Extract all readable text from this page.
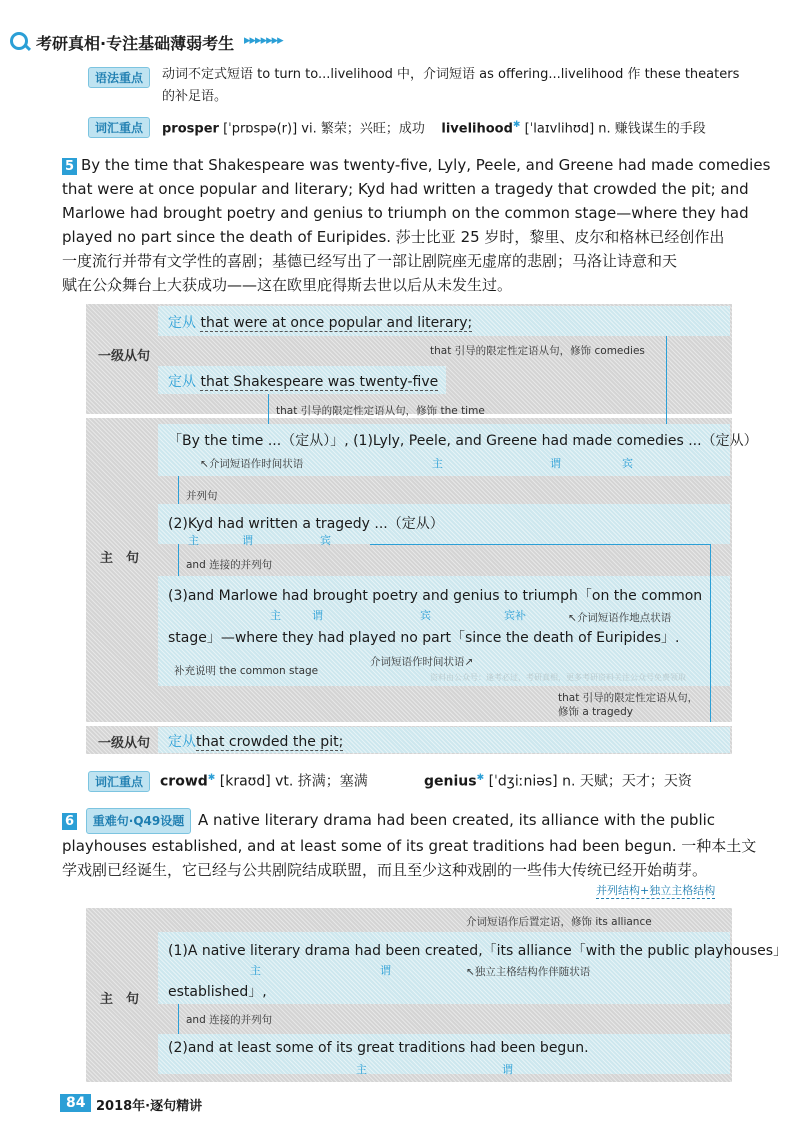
考研真相·专注基础薄弱考生 ▸▸▸▸▸▸▸
语法重点	动词不定式短语 to turn to...livelihood 中，介词短语 as offering...livelihood 作 these theaters
的补足语。
词汇重点	prosper [ˈprɒspə(r)] vi. 繁荣；兴旺；成功 livelihood✱ [ˈlaɪvlihʊd] n. 赚钱谋生的手段
5 By the time that Shakespeare was twenty-five, Lyly, Peele, and Greene had made comedies
that were at once popular and literary; Kyd had written a tragedy that crowded the pit; and
Marlowe had brought poetry and genius to triumph on the common stage—where they had
played no part since the death of Euripides. 莎士比亚 25 岁时，黎里、皮尔和格林已经创作出
一度流行并带有文学性的喜剧；基德已经写出了一部让剧院座无虚席的悲剧；马洛让诗意和天
赋在公众舞台上大获成功——这在欧里庇得斯去世以后从未发生过。
一级从句
定从 that were at once popular and literary;
that 引导的限定性定语从句，修饰 comedies
定从 that Shakespeare was twenty-five
that 引导的限定性定语从句，修饰 the time
主　句
「By the time ...（定从）」, (1)Lyly, Peele, and Greene had made comedies ...（定从）
↖介词短语作时间状语	主	谓	宾
并列句
(2)Kyd had written a tragedy ...（定从）
主	谓	宾
and 连接的并列句
(3)and Marlowe had brought poetry and genius to triumph「on the common
主	谓	宾	宾补	↖介词短语作地点状语
stage」—where they had played no part「since the death of Euripides」.
补充说明 the common stage
介词短语作时间状语↗
资料由公众号：逢考必过，考研真相，更多考研资料关注公众号免费领取
that 引导的限定性定语从句，
修饰 a tragedy
一级从句 定从that crowded the pit;
词汇重点	crowd✱ [kraʊd] vt. 挤满；塞满	genius✱ [ˈdʒiːniəs] n. 天赋；天才；天资
6 重难句·Q49设题 A native literary drama had been created, its alliance with the public
playhouses established, and at least some of its great traditions had been begun. 一种本土文
学戏剧已经诞生，它已经与公共剧院结成联盟，而且至少这种戏剧的一些伟大传统已经开始萌芽。
并列结构+独立主格结构
主　句
介词短语作后置定语，修饰 its alliance
(1)A native literary drama had been created,「its alliance「with the public playhouses」
主	谓	↖独立主格结构作伴随状语
established」,
and 连接的并列句
(2)and at least some of its great traditions had been begun.
主	谓
84 2018年·逐句精讲
